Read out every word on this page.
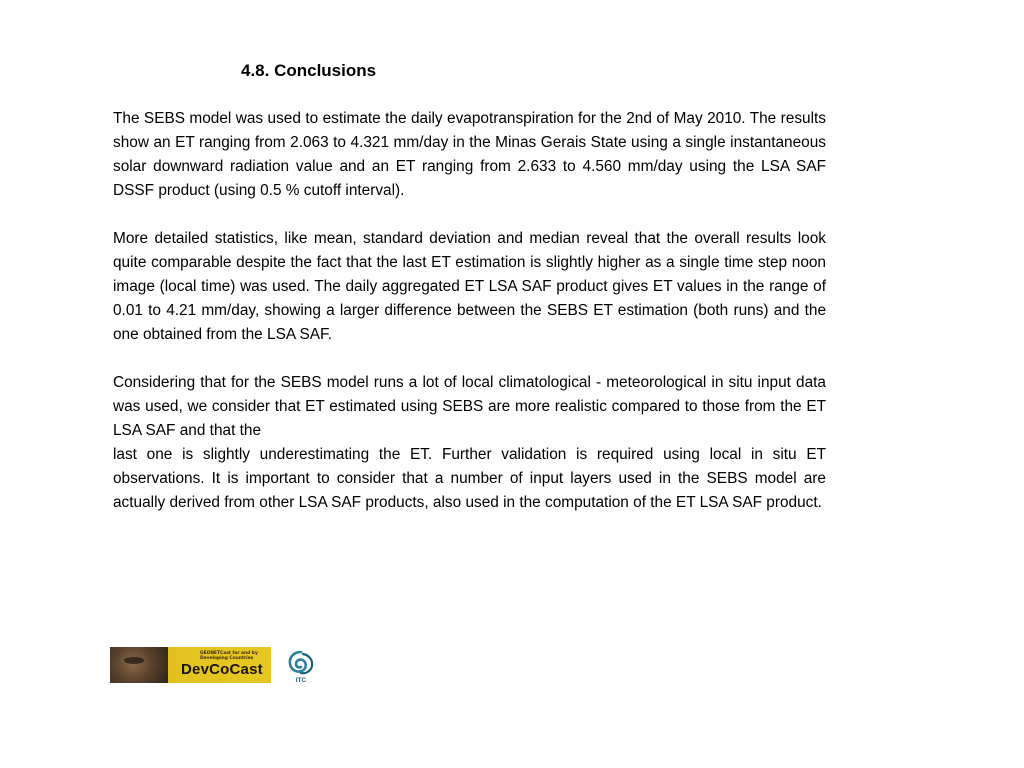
4.8. Conclusions

The SEBS model was used to estimate the daily evapotranspiration for the 2nd of May 2010. The results show an ET ranging from 2.063 to 4.321 mm/day in the Minas Gerais State using a single instantaneous solar downward radiation value and an ET ranging from 2.633 to 4.560 mm/day using the LSA SAF DSSF product (using 0.5 % cutoff interval).

More detailed statistics, like mean, standard deviation and median reveal that the overall results look quite comparable despite the fact that the last ET estimation is slightly higher as a single time step noon image (local time) was used. The daily aggregated ET LSA SAF product gives ET values in the range of 0.01 to 4.21 mm/day, showing a larger difference between the SEBS ET estimation (both runs) and the one obtained from the LSA SAF.

Considering that for the SEBS model runs a lot of local climatological - meteorological in situ input data was used, we consider that ET estimated using SEBS are more realistic compared to those from the ET LSA SAF and that the

last one is slightly underestimating the ET. Further validation is required using local in situ ET observations. It is important to consider that a number of input layers used in the SEBS model are actually derived from other LSA SAF products, also used in the computation of the ET LSA SAF product.

GEONETCast for and by Developing Countries
DevCoCast
ITC
